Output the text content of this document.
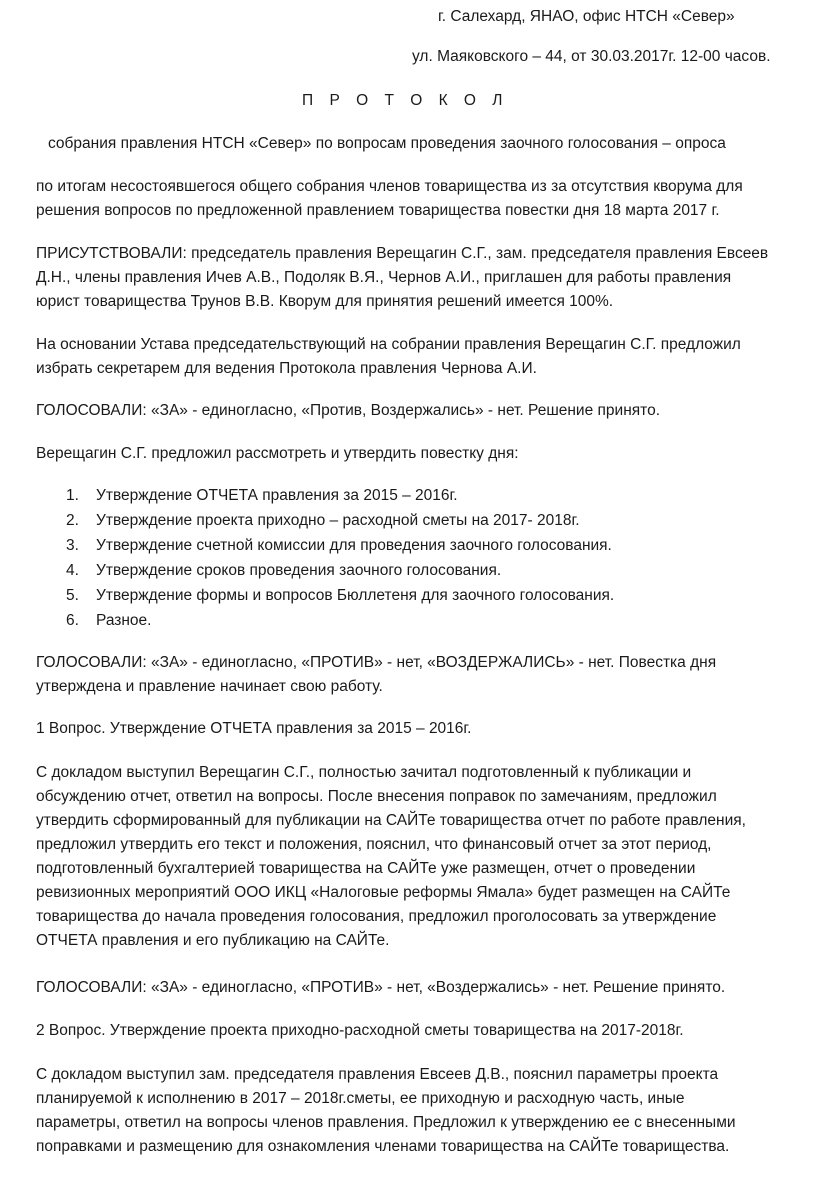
г. Салехард, ЯНАО, офис НТСН «Север»
ул. Маяковского – 44, от 30.03.2017г. 12-00 часов.
П Р О Т О К О Л
собрания правления НТСН «Север» по вопросам проведения заочного голосования – опроса
по итогам несостоявшегося общего собрания членов товарищества из за отсутствия кворума для
решения вопросов по предложенной правлением товарищества повестки дня 18 марта 2017 г.
ПРИСУТСТВОВАЛИ: председатель правления Верещагин С.Г., зам. председателя правления Евсеев
Д.Н., члены правления Ичев А.В., Подоляк В.Я., Чернов А.И., приглашен для работы правления
юрист товарищества Трунов В.В. Кворум для принятия решений имеется 100%.
На основании Устава председательствующий на собрании правления Верещагин С.Г. предложил
избрать секретарем для ведения Протокола правления Чернова А.И.
ГОЛОСОВАЛИ: «ЗА» - единогласно, «Против, Воздержались» - нет. Решение принято.
Верещагин С.Г. предложил рассмотреть и утвердить повестку дня:
1. Утверждение ОТЧЕТА правления за 2015 – 2016г.
2. Утверждение проекта приходно – расходной сметы на 2017- 2018г.
3. Утверждение счетной комиссии для проведения заочного голосования.
4. Утверждение сроков проведения заочного голосования.
5. Утверждение формы и вопросов Бюллетеня для заочного голосования.
6. Разное.
ГОЛОСОВАЛИ: «ЗА» - единогласно, «ПРОТИВ» - нет, «ВОЗДЕРЖАЛИСЬ» - нет. Повестка дня
утверждена и правление начинает свою работу.
1 Вопрос. Утверждение ОТЧЕТА правления за 2015 – 2016г.
С докладом выступил Верещагин С.Г., полностью зачитал подготовленный к публикации и
обсуждению отчет, ответил на вопросы. После внесения поправок по замечаниям, предложил
утвердить сформированный для публикации на САЙТе товарищества отчет по работе правления,
предложил утвердить его текст и положения, пояснил, что финансовый отчет за этот период,
подготовленный бухгалтерией товарищества на САЙТе уже размещен, отчет о проведении
ревизионных мероприятий ООО ИКЦ «Налоговые реформы Ямала» будет размещен на САЙТе
товарищества до начала проведения голосования, предложил проголосовать за утверждение
ОТЧЕТА правления и его публикацию на САЙТе.
ГОЛОСОВАЛИ: «ЗА» - единогласно, «ПРОТИВ» - нет, «Воздержались» - нет. Решение принято.
2 Вопрос. Утверждение проекта приходно-расходной сметы товарищества на 2017-2018г.
С докладом выступил зам. председателя правления Евсеев Д.В., пояснил параметры проекта
планируемой к исполнению в 2017 – 2018г.сметы, ее приходную и расходную часть, иные
параметры, ответил на вопросы членов правления. Предложил к утверждению ее с внесенными
поправками и размещению для ознакомления членами товарищества на САЙТе товарищества.
